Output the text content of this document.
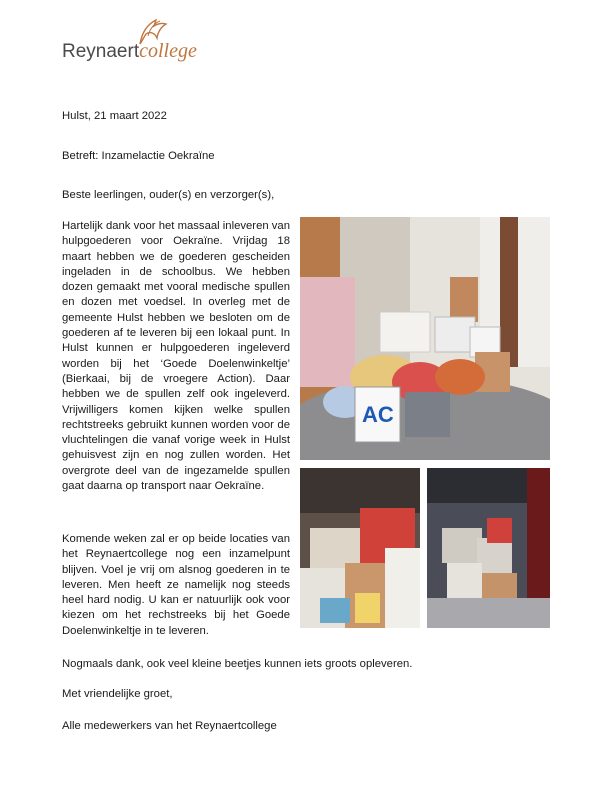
Reynaertcollege
Hulst, 21 maart 2022
Betreft: Inzamelactie Oekraïne
Beste leerlingen, ouder(s) en verzorger(s),
Hartelijk dank voor het massaal inleveren van hulpgoederen voor Oekraïne. Vrijdag 18 maart hebben we de goederen gescheiden ingeladen in de schoolbus. We hebben dozen gemaakt met vooral medische spullen en dozen met voedsel. In overleg met de gemeente Hulst hebben we besloten om de goederen af te leveren bij een lokaal punt. In Hulst kunnen er hulpgoederen ingeleverd worden bij het ‘Goede Doelenwinkeltje’ (Bierkaai, bij de vroegere Action). Daar hebben we de spullen zelf ook ingeleverd. Vrijwilligers komen kijken welke spullen rechtstreeks gebruikt kunnen worden voor de vluchtelingen die vanaf vorige week in Hulst gehuisvest zijn en nog zullen worden. Het overgrote deel van de ingezamelde spullen gaat daarna op transport naar Oekraïne.
Komende weken zal er op beide locaties van het Reynaertcollege nog een inzamelpunt blijven. Voel je vrij om alsnog goederen in te leveren. Men heeft ze namelijk nog steeds heel hard nodig. U kan er natuurlijk ook voor kiezen om het rechstreeks bij het Goede Doelenwinkeltje in te leveren.
Nogmaals dank, ook veel kleine beetjes kunnen iets groots opleveren.
Met vriendelijke groet,
Alle medewerkers van het Reynaertcollege
AC
